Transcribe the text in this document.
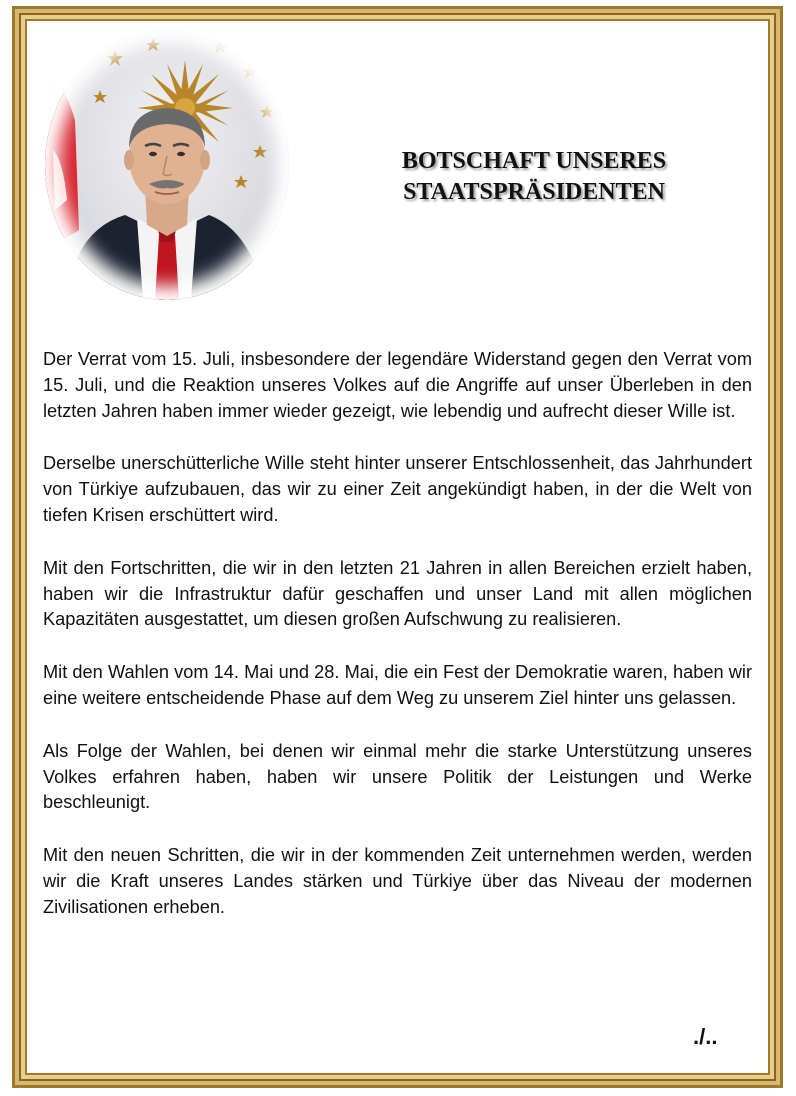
BOTSCHAFT UNSERES
STAATSPRÄSIDENTEN

Der Verrat vom 15. Juli, insbesondere der legendäre Widerstand gegen den Verrat vom 15. Juli, und die Reaktion unseres Volkes auf die Angriffe auf unser Überleben in den letzten Jahren haben immer wieder gezeigt, wie lebendig und aufrecht dieser Wille ist.

Derselbe unerschütterliche Wille steht hinter unserer Entschlossenheit, das Jahrhundert von Türkiye aufzubauen, das wir zu einer Zeit angekündigt haben, in der die Welt von tiefen Krisen erschüttert wird.

Mit den Fortschritten, die wir in den letzten 21 Jahren in allen Bereichen erzielt haben, haben wir die Infrastruktur dafür geschaffen und unser Land mit allen möglichen Kapazitäten ausgestattet, um diesen großen Aufschwung zu realisieren.

Mit den Wahlen vom 14. Mai und 28. Mai, die ein Fest der Demokratie waren, haben wir eine weitere entscheidende Phase auf dem Weg zu unserem Ziel hinter uns gelassen.

Als Folge der Wahlen, bei denen wir einmal mehr die starke Unterstützung unseres Volkes erfahren haben, haben wir unsere Politik der Leistungen und Werke beschleunigt.

Mit den neuen Schritten, die wir in der kommenden Zeit unternehmen werden, werden wir die Kraft unseres Landes stärken und Türkiye über das Niveau der modernen Zivilisationen erheben.

./..
